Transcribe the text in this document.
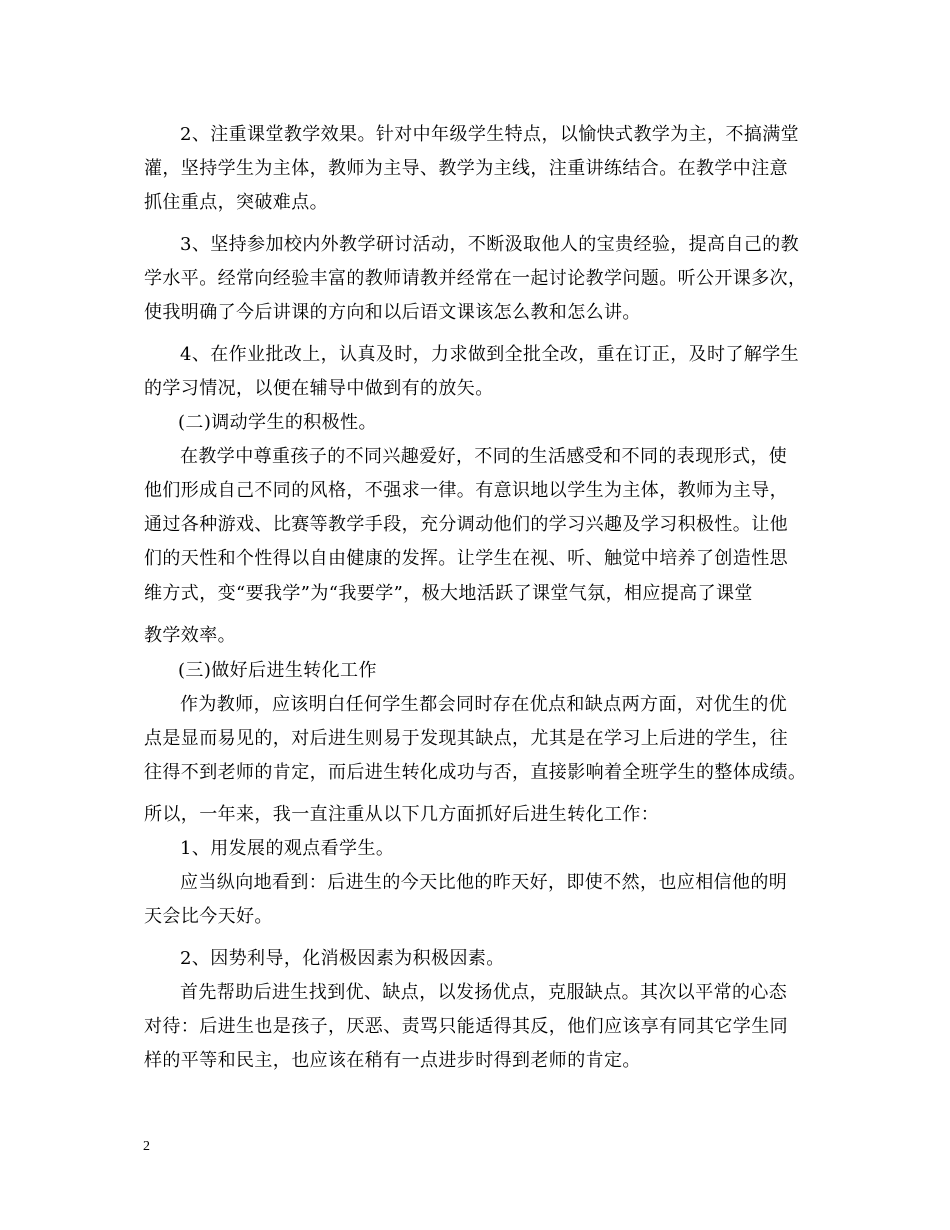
2、注重课堂教学效果。针对中年级学生特点，以愉快式教学为主，不搞满堂
灌，坚持学生为主体，教师为主导、教学为主线，注重讲练结合。在教学中注意
抓住重点，突破难点。
3、坚持参加校内外教学研讨活动，不断汲取他人的宝贵经验，提高自己的教
学水平。经常向经验丰富的教师请教并经常在一起讨论教学问题。听公开课多次，
使我明确了今后讲课的方向和以后语文课该怎么教和怎么讲。
4、在作业批改上，认真及时，力求做到全批全改，重在订正，及时了解学生
的学习情况，以便在辅导中做到有的放矢。
(二)调动学生的积极性。
在教学中尊重孩子的不同兴趣爱好，不同的生活感受和不同的表现形式，使
他们形成自己不同的风格，不强求一律。有意识地以学生为主体，教师为主导，
通过各种游戏、比赛等教学手段，充分调动他们的学习兴趣及学习积极性。让他
们的天性和个性得以自由健康的发挥。让学生在视、听、触觉中培养了创造性思
维方式，变“要我学”为“我要学”，极大地活跃了课堂气氛，相应提高了课堂
教学效率。
(三)做好后进生转化工作
作为教师，应该明白任何学生都会同时存在优点和缺点两方面，对优生的优
点是显而易见的，对后进生则易于发现其缺点，尤其是在学习上后进的学生，往
往得不到老师的肯定，而后进生转化成功与否，直接影响着全班学生的整体成绩。
所以，一年来，我一直注重从以下几方面抓好后进生转化工作：
1、用发展的观点看学生。
应当纵向地看到：后进生的今天比他的昨天好，即使不然，也应相信他的明
天会比今天好。
2、因势利导，化消极因素为积极因素。
首先帮助后进生找到优、缺点，以发扬优点，克服缺点。其次以平常的心态
对待：后进生也是孩子，厌恶、责骂只能适得其反，他们应该享有同其它学生同
样的平等和民主，也应该在稍有一点进步时得到老师的肯定。
2
